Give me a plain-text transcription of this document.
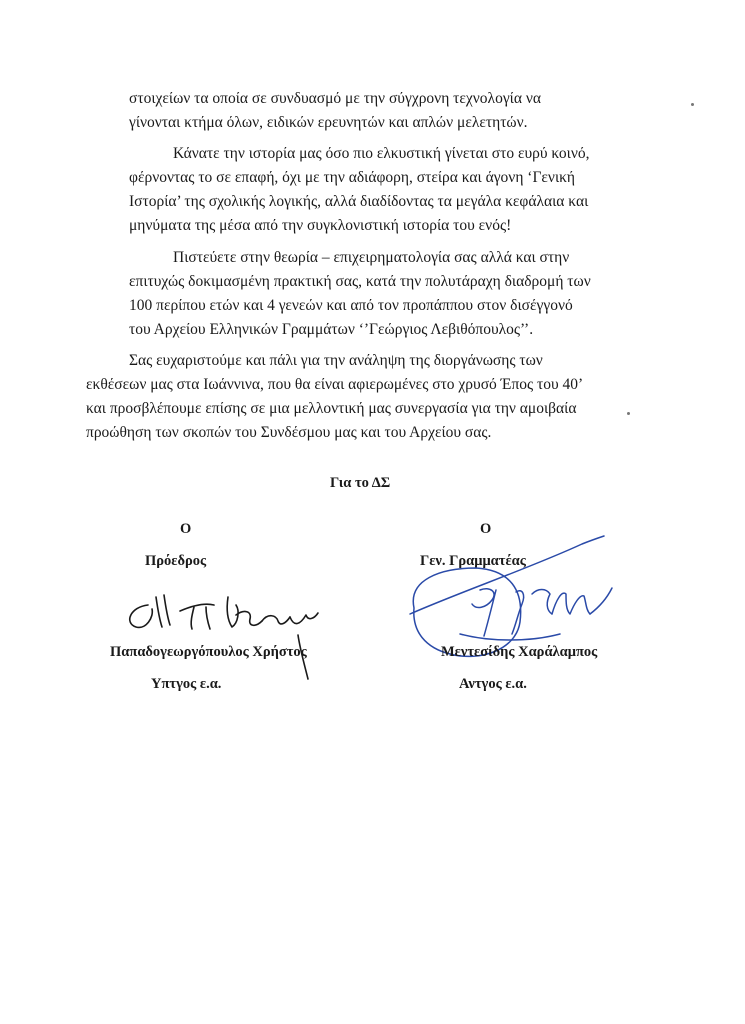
στοιχείων τα οποία σε συνδυασμό με την σύγχρονη τεχνολογία να
γίνονται κτήμα όλων, ειδικών ερευνητών και απλών μελετητών.
Κάνατε την ιστορία μας όσο πιο ελκυστική γίνεται στο ευρύ κοινό,
φέρνοντας το σε επαφή, όχι με την αδιάφορη, στείρα και άγονη ‘Γενική
Ιστορία’ της σχολικής λογικής, αλλά διαδίδοντας τα μεγάλα κεφάλαια και
μηνύματα της μέσα από την συγκλονιστική ιστορία του ενός!
Πιστεύετε στην θεωρία – επιχειρηματολογία σας αλλά και στην
επιτυχώς δοκιμασμένη πρακτική σας, κατά την πολυτάραχη διαδρομή των
100 περίπου ετών και 4 γενεών και από τον προπάππου στον δισέγγονό
του Αρχείου Ελληνικών Γραμμάτων ‘’Γεώργιος Λεβιθόπουλος’’.
Σας ευχαριστούμε και πάλι για την ανάληψη της διοργάνωσης των
εκθέσεων μας στα Ιωάννινα, που θα είναι αφιερωμένες στο χρυσό Έπος του 40’
και προσβλέπουμε επίσης σε μια μελλοντική μας συνεργασία για την αμοιβαία
προώθηση των σκοπών του Συνδέσμου μας και του Αρχείου σας.
Για το ΔΣ
Ο
Πρόεδρος
Παπαδογεωργόπουλος Χρήστος
Υπτγος ε.α.
Ο
Γεν. Γραμματέας
Μεντεσίδης Χαράλαμπος
Αντγος ε.α.
